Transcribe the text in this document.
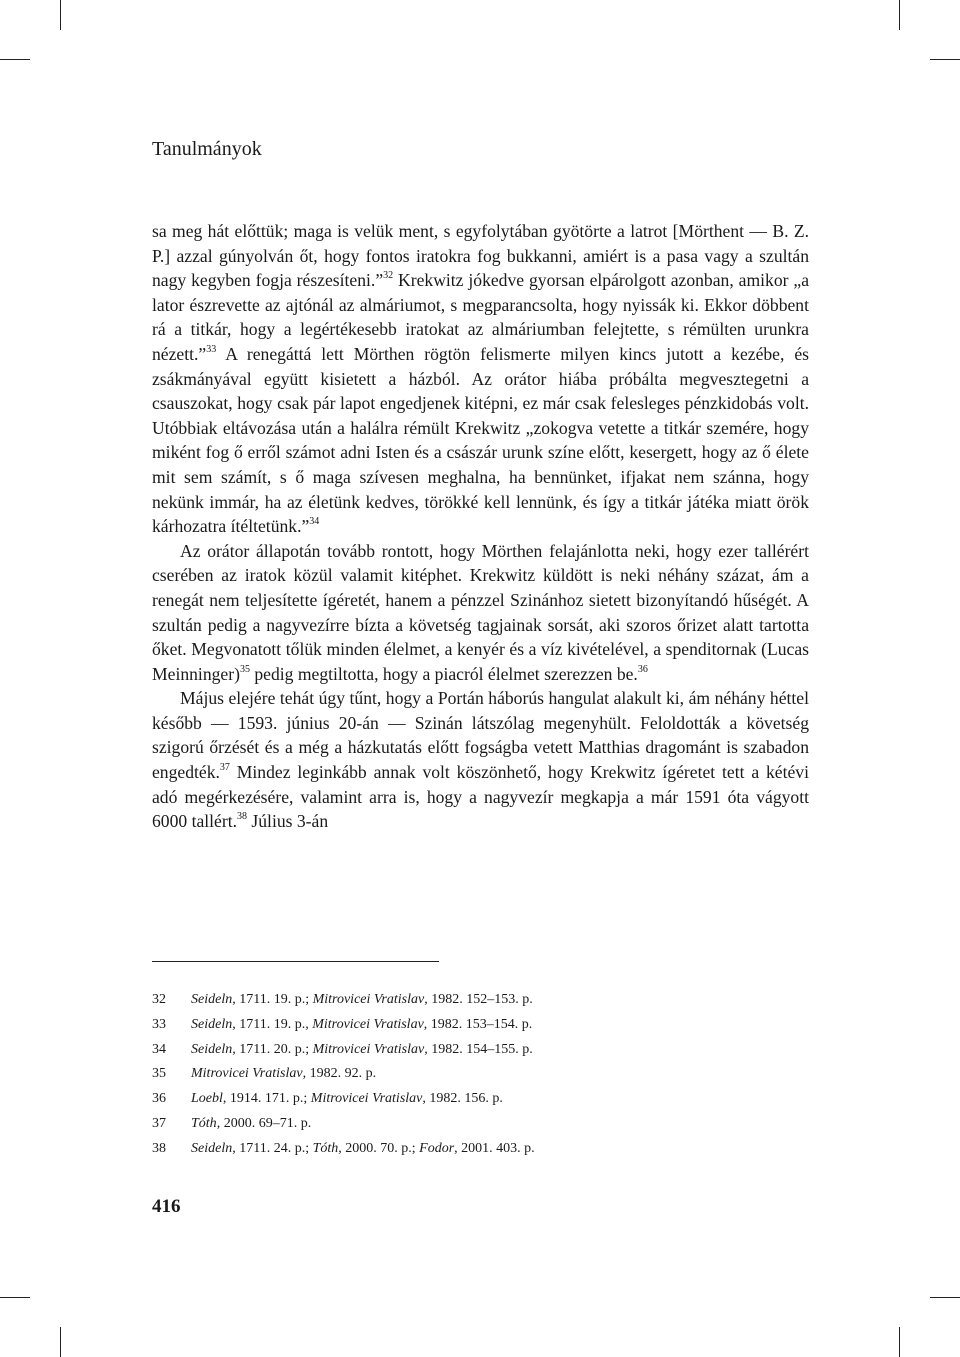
Tanulmányok

sa meg hát előttük; maga is velük ment, s egyfolytában gyötörte a latrot [Mörthent — B. Z. P.] azzal gúnyolván őt, hogy fontos iratokra fog bukkanni, amiért is a pasa vagy a szultán nagy kegyben fogja részesíteni.”$^{32}$ Krekwitz jókedve gyorsan elpárolgott azonban, amikor „a lator észrevette az ajtónál az almáriumot, s megparancsolta, hogy nyissák ki. Ekkor döbbent rá a titkár, hogy a legértékesebb iratokat az almáriumban felejtette, s rémülten urunkra nézett.”$^{33}$ A renegáttá lett Mörthen rögtön felismerte milyen kincs jutott a kezébe, és zsákmányával együtt kisietett a házból. Az orátor hiába próbálta megvesztegetni a csauszokat, hogy csak pár lapot engedjenek kitépni, ez már csak felesleges pénzkidobás volt. Utóbbiak eltávozása után a halálra rémült Krekwitz „zokogva vetette a titkár szemére, hogy miként fog ő erről számot adni Isten és a császár urunk színe előtt, kesergett, hogy az ő élete mit sem számít, s ő maga szívesen meghalna, ha bennünket, ifjakat nem szánna, hogy nekünk immár, ha az életünk kedves, törökké kell lennünk, és így a titkár játéka miatt örök kárhozatra ítéltetünk.”$^{34}$

Az orátor állapotán tovább rontott, hogy Mörthen felajánlotta neki, hogy ezer tallérért cserében az iratok közül valamit kitéphet. Krekwitz küldött is neki néhány százat, ám a renegát nem teljesítette ígéretét, hanem a pénzzel Szinánhoz sietett bizonyítandó hűségét. A szultán pedig a nagyvezírre bízta a követség tagjainak sorsát, aki szoros őrizet alatt tartotta őket. Megvonatott tőlük minden élelmet, a kenyér és a víz kivételével, a spenditornak (Lucas Meinninger)$^{35}$ pedig megtiltotta, hogy a piacról élelmet szerezzen be.$^{36}$

Május elejére tehát úgy tűnt, hogy a Portán háborús hangulat alakult ki, ám néhány héttel később — 1593. június 20-án — Szinán látszólag megenyhült. Feloldották a követség szigorú őrzését és a még a házkutatás előtt fogságba vetett Matthias dragománt is szabadon engedték.$^{37}$ Mindez leginkább annak volt köszönhető, hogy Krekwitz ígéretet tett a kétévi adó megérkezésére, valamint arra is, hogy a nagyvezír megkapja a már 1591 óta vágyott 6000 tallért.$^{38}$ Július 3-án

32	Seideln, 1711. 19. p.; Mitrovicei Vratislav, 1982. 152–153. p.
33	Seideln, 1711. 19. p., Mitrovicei Vratislav, 1982. 153–154. p.
34	Seideln, 1711. 20. p.; Mitrovicei Vratislav, 1982. 154–155. p.
35	Mitrovicei Vratislav, 1982. 92. p.
36	Loebl, 1914. 171. p.; Mitrovicei Vratislav, 1982. 156. p.
37	Tóth, 2000. 69–71. p.
38	Seideln, 1711. 24. p.; Tóth, 2000. 70. p.; Fodor, 2001. 403. p.
416
